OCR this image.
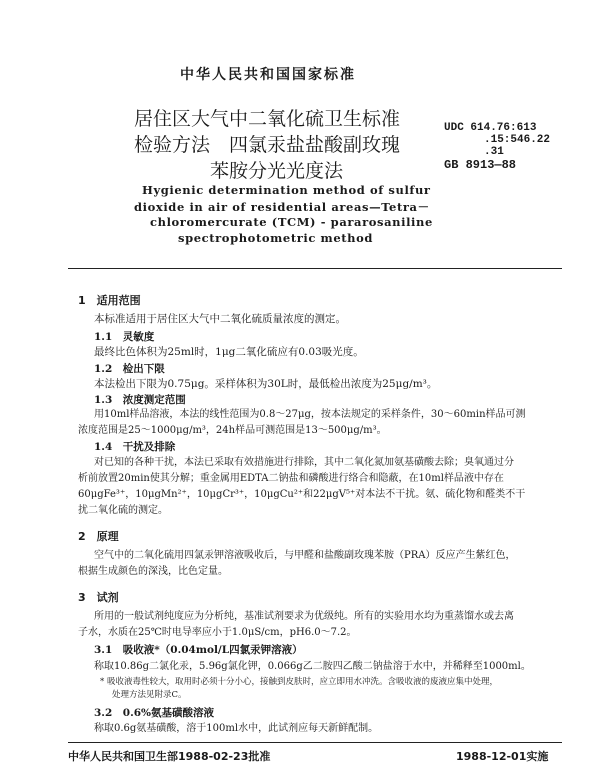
中华人民共和国国家标准
居住区大气中二氧化硫卫生标准
检验方法　四氯汞盐盐酸副玫瑰
苯胺分光光度法
UDC 614.76:613
.15:546.22
.31
GB 8913—88
Hygienic determination method of sulfur
dioxide in air of residential areas—Tetra－
chloromercurate (TCM) - pararosaniline
spectrophotometric method
1　适用范围
本标准适用于居住区大气中二氧化硫质量浓度的测定。
1.1　灵敏度
最终比色体积为25ml时，1μg二氧化硫应有0.03吸光度。
1.2　检出下限
本法检出下限为0.75μg。采样体积为30L时，最低检出浓度为25μg/m³。
1.3　浓度测定范围
用10ml样品溶液，本法的线性范围为0.8～27μg，按本法规定的采样条件，30～60min样品可测
浓度范围是25～1000μg/m³，24h样品可测范围是13～500μg/m³。
1.4　干扰及排除
对已知的各种干扰，本法已采取有效措施进行排除，其中二氧化氮加氨基磺酸去除；臭氧通过分
析前放置20min使其分解；重金属用EDTA二钠盐和磷酸进行络合和隐蔽，在10ml样品液中存在
60μgFe³⁺，10μgMn²⁺，10μgCr³⁺，10μgCu²⁺和22μgV⁵⁺对本法不干扰。氨、硫化物和醛类不干
扰二氧化硫的测定。
2　原理
空气中的二氧化硫用四氯汞钾溶液吸收后，与甲醛和盐酸副玫瑰苯胺（PRA）反应产生紫红色，
根据生成颜色的深浅，比色定量。
3　试剂
所用的一般试剂纯度应为分析纯，基准试剂要求为优级纯。所有的实验用水均为重蒸馏水或去离
子水，水质在25℃时电导率应小于1.0μS/cm，pH6.0～7.2。
3.1　吸收液*（0.04mol/L四氯汞钾溶液）
称取10.86g二氯化汞，5.96g氯化钾，0.066g乙二胺四乙酸二钠盐溶于水中，并稀释至1000ml。
* 吸收液毒性较大，取用时必须十分小心，接触到皮肤时，应立即用水冲洗。含吸收液的废液应集中处理，
处理方法见附录C。
3.2　0.6%氨基磺酸溶液
称取0.6g氨基磺酸，溶于100ml水中，此试剂应每天新鲜配制。
中华人民共和国卫生部1988-02-23批准	1988-12-01实施
